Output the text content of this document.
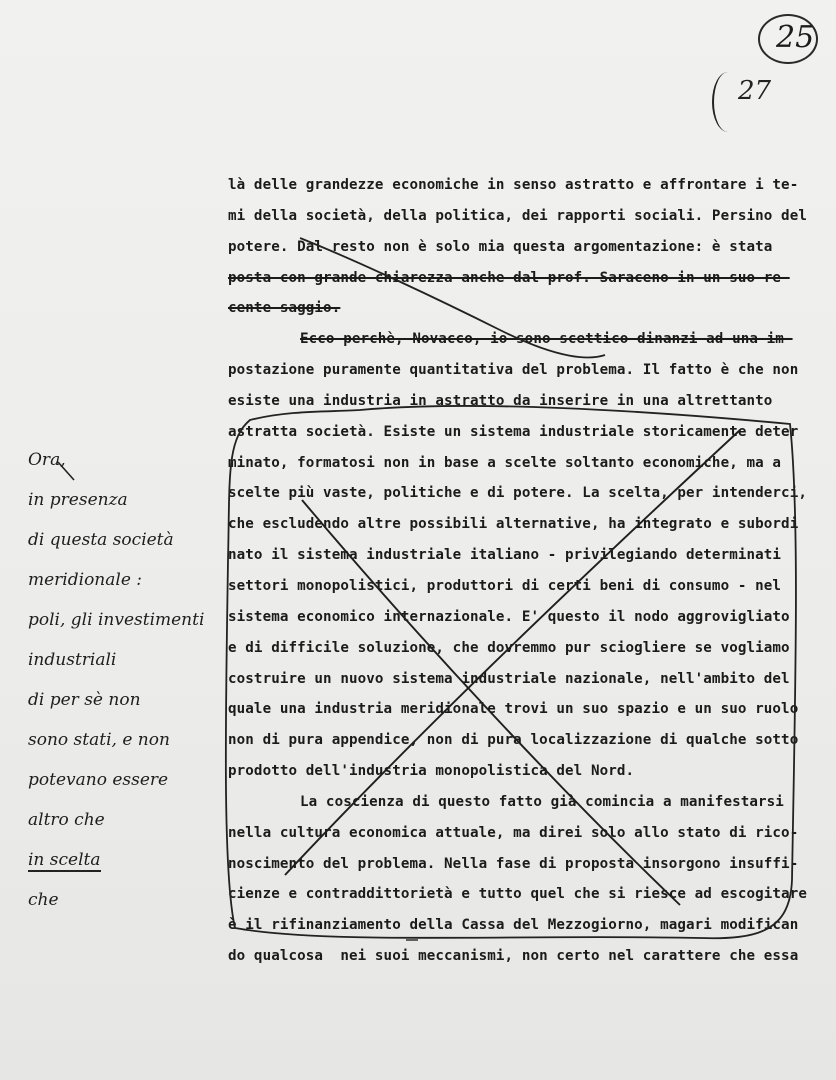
25
27
là delle grandezze economiche in senso astratto e affrontare i te-
mi della società, della politica, dei rapporti sociali. Persino del
potere. Dal resto non è solo mia questa argomentazione: è stata
posta con grande chiarezza anche dal prof. Saraceno in un suo re-
cente saggio.
Ecco perchè, Novacco, io sono scettico dinanzi ad una im-
postazione puramente quantitativa del problema. Il fatto è che non
esiste una industria in astratto da inserire in una altrettanto
astratta società. Esiste un sistema industriale storicamente deter
minato, formatosi non in base a scelte soltanto economiche, ma a
scelte più vaste, politiche e di potere. La scelta, per intenderci,
che escludendo altre possibili alternative, ha integrato e subordi
nato il sistema industriale italiano - privilegiando determinati
settori monopolistici, produttori di certi beni di consumo - nel
sistema economico internazionale. E' questo il nodo aggrovigliato
e di difficile soluzione, che dovremmo pur sciogliere se vogliamo
costruire un nuovo sistema industriale nazionale, nell'ambito del
quale una industria meridionale trovi un suo spazio e un suo ruolo
non di pura appendice, non di pura localizzazione di qualche sotto
prodotto dell'industria monopolistica del Nord.
La coscienza di questo fatto già comincia a manifestarsi
nella cultura economica attuale, ma direi solo allo stato di rico-
noscimento del problema. Nella fase di proposta insorgono insuffi-
cienze e contraddittorietà e tutto quel che si riesce ad escogitare
è il rifinanziamento della Cassa del Mezzogiorno, magari modifican
do qualcosa  nei suoi meccanismi, non certo nel carattere che essa
Ora,
in presenza
di questa società
meridionale :
poli, gli investimenti
industriali
di per sè non
sono stati, e non
potevano essere
altro che
in scelta
che
